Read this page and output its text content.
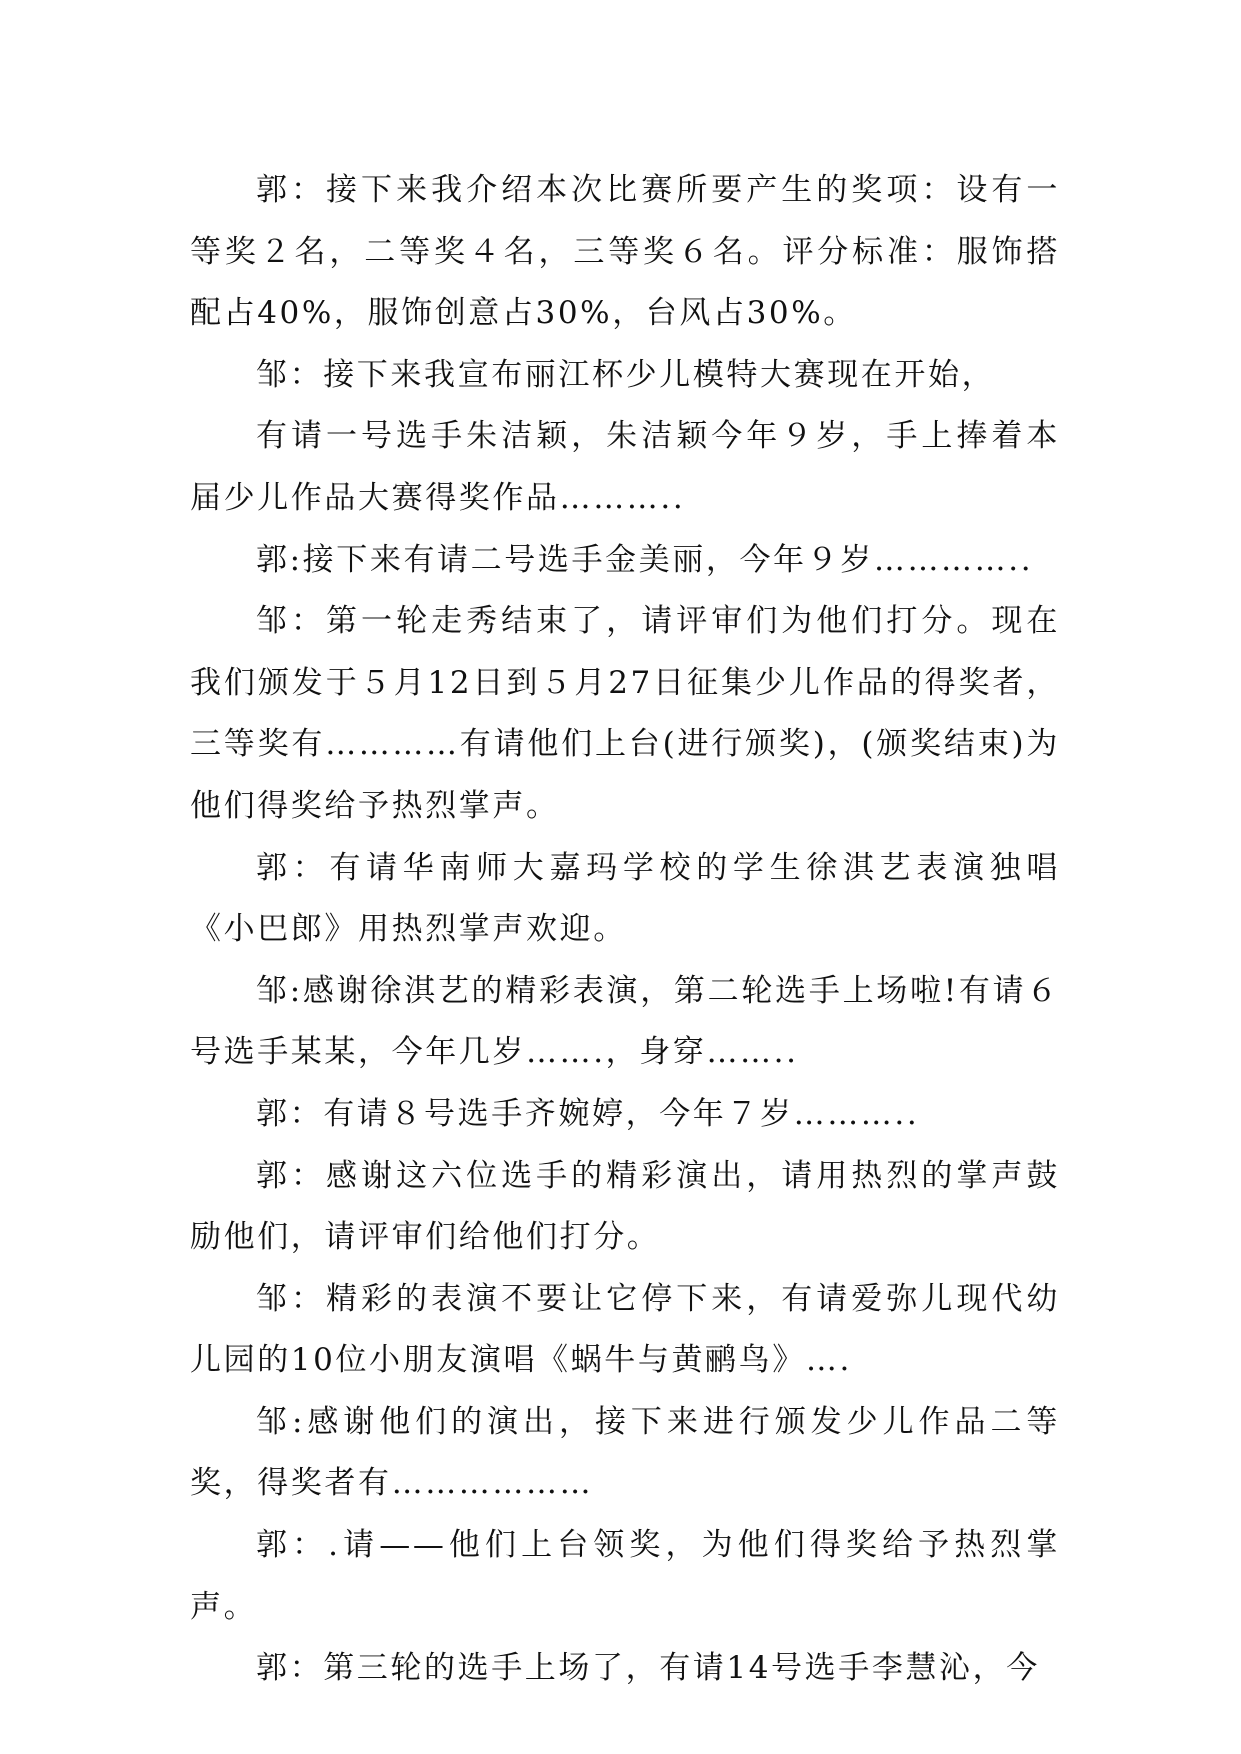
郭：接下来我介绍本次比赛所要产生的奖项：设有一等奖２名，二等奖４名，三等奖６名。评分标准：服饰搭配占40%，服饰创意占30%，台风占30%。

邹：接下来我宣布丽江杯少儿模特大赛现在开始，

有请一号选手朱洁颖，朱洁颖今年９岁，手上捧着本届少儿作品大赛得奖作品………..

郭:接下来有请二号选手金美丽，今年９岁…………..

邹：第一轮走秀结束了，请评审们为他们打分。现在我们颁发于５月12日到５月27日征集少儿作品的得奖者，三等奖有…………有请他们上台(进行颁奖)，(颁奖结束)为他们得奖给予热烈掌声。

郭：有请华南师大嘉玛学校的学生徐淇艺表演独唱《小巴郎》用热烈掌声欢迎。

邹:感谢徐淇艺的精彩表演，第二轮选手上场啦!有请６号选手某某，今年几岁…….，身穿……..

郭：有请８号选手齐婉婷，今年７岁………..

郭：感谢这六位选手的精彩演出，请用热烈的掌声鼓励他们，请评审们给他们打分。

邹：精彩的表演不要让它停下来，有请爱弥儿现代幼儿园的10位小朋友演唱《蜗牛与黄鹂鸟》….

邹:感谢他们的演出，接下来进行颁发少儿作品二等奖，得奖者有………………

郭：.请——他们上台领奖，为他们得奖给予热烈掌声。

郭：第三轮的选手上场了，有请14号选手李慧沁，今
